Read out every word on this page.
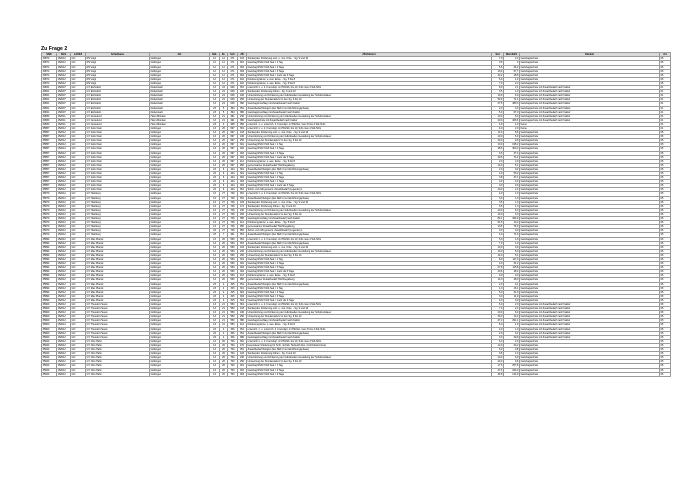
Zu Frage 2
SNR	SGS	LAKKZ	Schulname	Ort	SGL	KL	Sch	ZB	ZB-Klartext	Std	WertJH21	Klartext	Art
30872	152012	GÖ	RS Voigt	Göttingen	12	12	271	103	Sonderpäd. Förderung einz. u. zus. Krite. - Sg. 9 und 10	7,0	2,2	Ganztagsschule	05
30872	152012	GÖ	RS Voigt	Göttingen	12	12	271	301	Ganztag RS/GY/GS Sek. I 1 Tag	0,5	0	Ganztagsschule	05
30872	152012	GÖ	RS Voigt	Göttingen	12	12	271	302	Ganztag RS/GY/GS Sek. I 2 Tage	5,6	36,2	Ganztagsschule	05
30872	152012	GÖ	RS Voigt	Göttingen	12	12	271	303	Ganztag RS/GY/GS Sek. I 3 Tage	13,4	57,7	Ganztagsschule	05
30872	152012	GÖ	RS Voigt	Göttingen	12	12	271	304	Ganztag RS/GY/GS Sek. I mehr als 3 Tage	44,2	18,5	Ganztagsschule	05
30872	152012	GÖ	RS Voigt	Göttingen	12	12	271	410	Förderung Einwr. u. Aus. Erste. - Sg. 5 bis 8	5,0	1,2	Ganztagsschule	05
30872	152012	GÖ	RS Voigt	Göttingen	12	12	271	410	Förderung Einwr. u. aus. Erste. - Sg. 5 bis 8	7,0	2,2	Ganztagsschule	05
30821	152007	GÖ	GY Eichsfeld	Duderstadt	13	24	649	351	unterricht 1. u. 2. Fremdspr. im Pflichtb. bis 10, SJG max 4 Std./SJG	8,0	2,1	Ganztagsschule mit Zusatzbedarf nach Faktor	01
30821	152007	GÖ	GY Eichsfeld	Duderstadt	13	24	649	105	Sonderpäd. Förderung höhen - Sg. 9 und 10	3,5	1,3	Ganztagsschule mit Zusatzbedarf nach Faktor	01
30821	152007	GÖ	GY Eichsfeld	Duderstadt	13	24	649	240	Unterstützung und Förderung der individuellen Gestaltung der Schulzeitdauer	10,0	6,0	Ganztagsschule mit Zusatzbedarf nach Faktor	01
30821	152007	GÖ	GY Eichsfeld	Duderstadt	13	24	649	250	Umsetzung der Stundentafel 2 in den Sg. 6 bis 10	50,0	71,1	Ganztagsschule mit Zusatzbedarf nach Faktor	01
30821	152007	GÖ	GY Eichsfeld	Duderstadt	13	24	649	390	Ganztagszuschlag mit Zusatzbedarf nach Faktor	27,5	480,3	Ganztagsschule mit Zusatzbedarf nach Faktor	01
30821	152007	GÖ	GY Eichsfeld	Duderstadt	23	5	394	351	Zusatzbedarf Religion (bei SEK II nur Einführungsphase)	2,0	0,3	Ganztagsschule mit Zusatzbedarf nach Faktor	01
30821	152007	GÖ	GY Eichsfeld	Duderstadt	23	5	394	380	Ganztagszuschlag mit Zusatzbedarf nach Faktor	5,0	67,0	Ganztagsschule mit Zusatzbedarf nach Faktor	01
30833	152011	GÖ	GY Grotefend	Hann.Münden	13	21	491	240	Unterstützung und Förderung der individuellen Gestaltung der Schulzeitdauer	10,0	6,0	Ganztagsschule mit Zusatzbedarf nach Faktor	01
30833	152011	GÖ	GY Grotefend	Hann.Münden	13	21	491	380	Ganztagsschule mit Zusatzbedarf nach Faktor	20,0	406,6	Ganztagsschule mit Zusatzbedarf nach Faktor	01
30833	152011	GÖ	GY Grotefend	Hann.Münden	23	3	408	350	unterrich. 1. u. unterrich. 2. Fremdspr. in Pflichtw. max 3 bzw 4 Std./SJG	4,0	1,0	Keine	01
35857	152012	GÖ	GY Felix Klein	Göttingen	13	26	697	351	unterricht 1. u. 2. Fremdspr. im Pflichtb. bis 10, SJG max 4 Std./SJG	4,0	2,0	Keine	01
35857	152012	GÖ	GY Felix Klein	Göttingen	13	26	697	103	Sonderpäd. Förderung einz. u. zus. Krite. - Sg. 9 und 10	14,0	8,6	Ganztagsschule	05
35857	152012	GÖ	GY Felix Klein	Göttingen	13	26	697	240	Unterstützung und Förderung der individuellen Gestaltung der Schulzeitdauer	10,0	6,0	Ganztagsschule	05
35857	152012	GÖ	GY Felix Klein	Göttingen	13	26	697	250	Umsetzung der Stundentafel 2 in den Sg. 6 bis 10	20,0	9,6	Ganztagsschule	05
35857	152012	GÖ	GY Felix Klein	Göttingen	13	26	697	301	Ganztag RS/GY/GS Sek. I 1 Tag	13,0	195,2	Ganztagsschule	05
35857	152012	GÖ	GY Felix Klein	Göttingen	13	26	697	302	Ganztag RS/GY/GS Sek. I 2 Tage	48,6	300,2	Ganztagsschule	05
35857	152012	GÖ	GY Felix Klein	Göttingen	13	26	697	303	Ganztag RS/GY/GS Sek. I 3 Tage	3,6	37,4	Ganztagsschule	05
35857	152012	GÖ	GY Felix Klein	Göttingen	13	26	697	304	Ganztag RS/GY/GS Sek. I mehr als 3 Tage	20,6	74,2	Ganztagsschule	05
35857	152012	GÖ	GY Felix Klein	Göttingen	13	26	697	412	Förderung Einwr. u. aus. Erste. - Sg. 5 bis 8	2,0	2,0	Ganztagsschule	05
35857	152012	GÖ	GY Felix Klein	Göttingen	13	26	697	950	gemeinsamer Zusatzbedarf Hochbegabung	14,0	5,1	Ganztagsschule	05
35857	152012	GÖ	GY Felix Klein	Göttingen	23	6	424	351	Zusatzbedarf Religion (bei SEK II nur Einführungsphase)	2,0	0,2	Ganztagsschule	05
35857	152012	GÖ	GY Felix Klein	Göttingen	23	6	424	301	Ganztag RS/GY/GS Sek. I 1 Tag	4,0	50,2	Ganztagsschule	05
35857	152012	GÖ	GY Felix Klein	Göttingen	23	6	424	302	Ganztag RS/GY/GS Sek. I 2 Tage	3,8	37,1	Ganztagsschule	05
35857	152012	GÖ	GY Felix Klein	Göttingen	23	6	424	303	Ganztag RS/GY/GS Sek. I 1 Tage	0,0	0,0	Ganztagsschule	05
35857	152012	GÖ	GY Felix Klein	Göttingen	23	6	424	304	Ganztag RS/GY/GS Sek. I mehr als 3 Tage	0,0	0,0	Ganztagsschule	05
35857	152012	GÖ	GY Felix Klein	Göttingen	23	6	424	351	Schul- vom Mit gemeint. Zusatzbedarf (Legende) 1	20,0	2,2	Ganztagsschule	05
35870	152012	GÖ	GY Hainberg	Göttingen	13	27	749	351	unterricht 1. u. 2. Fremdspr. im Pflichtb. bis 10, SJG max 4 Std./SJG	4,0	1,0	Ganztagsschule	05
35870	152012	GÖ	GY Hainberg	Göttingen	13	27	749	351	Zusatzbedarf Religion (bei SEK II nur Einführungsphase)	3,0	1,0	Ganztagsschule	05
35870	152012	GÖ	GY Hainberg	Göttingen	13	27	749	103	Sonderpäd. Förderung einz. u. zus. Krite. - Sg. 9 und 10	3,5	1,3	Ganztagsschule	05
35870	152012	GÖ	GY Hainberg	Göttingen	13	27	749	172	Sonderpäd. Förderung höhen - Sg. 9 und 10	3,5	1,3	Ganztagsschule	05
35870	152012	GÖ	GY Hainberg	Göttingen	13	27	749	240	Unterstützung und Förderung der individuellen Gestaltung der Schulzeitdauer	10,0	6,0	Ganztagsschule	05
35870	152012	GÖ	GY Hainberg	Göttingen	13	27	749	250	Umsetzung der Stundentafel 2 in den Sg. 6 bis 10	10,0	3,3	Ganztagsschule	05
35870	152012	GÖ	GY Hainberg	Göttingen	13	27	749	380	Ganztagszuschlag mit Zusatzbedarf nach Faktor	84,1	466,9	Ganztagsschule	05
35870	152012	GÖ	GY Hainberg	Göttingen	13	27	749	412	Förderung Einwr. u. aus. Erste. - Sg. 5 bis 8	51,5	10,2	Ganztagsschule	05
35870	152012	GÖ	GY Hainberg	Göttingen	13	27	749	950	gemeinsamer Zusatzbedarf Hochbegabung	13,5	76,3	Ganztagsschule	05
35870	152012	GÖ	GY Hainberg	Göttingen	23	27	749	950	Schul- vom Mit gemeint. Zusatzbedarf (Legende) 1	0,0	0,0	Ganztagsschule	05
35870	152012	GÖ	GY Hainberg	Göttingen	23	7	401	351	Zusatzbedarf Religion (bei SEK II nur Einführungsphase)	4,0	71,3	Ganztagsschule	05
35894	152012	GÖ	GY Max Planck	Göttingen	13	20	530	351	unterricht 1. u. 2. Fremdspr. im Pflichtb. bis 10, SJG max 4 Std./SJG	5,0	1,0	Ganztagsschule	05
35894	152012	GÖ	GY Max Planck	Göttingen	13	20	530	351	Zusatzbedarf Religion (bei SEK II nur Einführungsphase)	7,0	1,0	Ganztagsschule	05
35894	152012	GÖ	GY Max Planck	Göttingen	13	20	530	103	Sonderpäd. Förderung einz. u. zus. Krite. - Sg. 9 und 10	10,0	3,0	Ganztagsschule	05
35894	152012	GÖ	GY Max Planck	Göttingen	13	20	530	240	Unterstützung und Förderung der individuellen Gestaltung der Schulzeitdauer	10,0	6,0	Ganztagsschule	05
35894	152012	GÖ	GY Max Planck	Göttingen	13	20	530	250	Umsetzung der Stundentafel 2 in den Sg. 6 bis 10	14,0	5,1	Ganztagsschule	05
35894	152012	GÖ	GY Max Planck	Göttingen	13	20	530	301	Ganztag RS/GY/GS Sek. I 1 Tag	8,0	117,3	Ganztagsschule	05
35894	152012	GÖ	GY Max Planck	Göttingen	13	20	530	302	Ganztag RS/GY/GS Sek. I 2 Tage	4,9	31,2	Ganztagsschule	05
35894	152012	GÖ	GY Max Planck	Göttingen	13	20	530	303	Ganztag RS/GY/GS Sek. I 3 Tage	27,8	115,8	Ganztagsschule	05
35894	152012	GÖ	GY Max Planck	Göttingen	13	20	530	304	Ganztag RS/GY/GS Sek. I mehr als 3 Tage	20,6	48,2	Ganztagsschule	05
35894	152012	GÖ	GY Max Planck	Göttingen	13	20	530	412	Förderung Einwr. u. aus. Erste. - Sg. 5 bis 8	0,0	0,0	Ganztagsschule	05
35894	152012	GÖ	GY Max Planck	Göttingen	13	20	530	950	gemeinsamer Zusatzbedarf Hochbegabung	14,0	48,0	Ganztagsschule	05
35894	152012	GÖ	GY Max Planck	Göttingen	23	4	315	351	Zusatzbedarf Religion (bei SEK II nur Einführungsphase)	2,0	0,1	Ganztagsschule	05
35894	152012	GÖ	GY Max Planck	Göttingen	23	4	315	301	Ganztag RS/GY/GS Sek. I 1 Tag	1,0	16,1	Ganztagsschule	05
35894	152012	GÖ	GY Max Planck	Göttingen	23	4	315	302	Ganztag RS/GY/GS Sek. I 2 Tage	5,0	31,3	Ganztagsschule	05
35894	152012	GÖ	GY Max Planck	Göttingen	23	4	315	303	Ganztag RS/GY/GS Sek. I 3 Tage	3,0	11,9	Ganztagsschule	05
35894	152012	GÖ	GY Max Planck	Göttingen	23	4	315	304	Ganztag RS/GY/GS Sek. I mehr als 3 Tage	0,0	0,0	Ganztagsschule	05
35900	152012	GÖ	GY Theodor-Heuss	Göttingen	13	21	550	351	unterricht 1. u. 2. Fremdspr. im Pflichtb. bis 10, SJG max 4 Std./SJG	6,0	2,0	Ganztagsschule mit Zusatzbedarf nach Faktor	05
35900	152012	GÖ	GY Theodor-Heuss	Göttingen	13	21	550	103	Sonderpäd. Förderung einz. u. zus. Krite. - Sg. 9 und 10	7,0	2,2	Ganztagsschule mit Zusatzbedarf nach Faktor	05
35900	152012	GÖ	GY Theodor-Heuss	Göttingen	13	21	550	240	Unterstützung und Förderung der individuellen Gestaltung der Schulzeitdauer	10,0	6,0	Ganztagsschule mit Zusatzbedarf nach Faktor	05
35900	152012	GÖ	GY Theodor-Heuss	Göttingen	13	21	550	250	Umsetzung der Stundentafel 2 in den Sg. 6 bis 10	30,0	14,4	Ganztagsschule mit Zusatzbedarf nach Faktor	05
35900	152012	GÖ	GY Theodor-Heuss	Göttingen	13	21	550	380	Ganztagszuschlag mit Zusatzbedarf nach Faktor	47,2	291,1	Ganztagsschule mit Zusatzbedarf nach Faktor	05
35900	152012	GÖ	GY Theodor-Heuss	Göttingen	13	21	550	412	Förderung Einwr. u. aus. Erste. - Sg. 5 bis 8	6,0	1,9	Ganztagsschule mit Zusatzbedarf nach Faktor	05
35900	152012	GÖ	GY Theodor-Heuss	Göttingen	23	4	346	351	unterrich. 1. u. unterrich. 2. Fremdspr. in Pflichtw. max 3 bzw 4 Std./SJG	4,0	1,0	Ganztagsschule mit Zusatzbedarf nach Faktor	05
35900	152012	GÖ	GY Theodor-Heuss	Göttingen	23	4	346	351	Zusatzbedarf Religion (bei SEK II nur Einführungsphase)	2,0	0,2	Ganztagsschule mit Zusatzbedarf nach Faktor	05
35900	152012	GÖ	GY Theodor-Heuss	Göttingen	23	4	346	380	Ganztagszuschlag mit Zusatzbedarf nach Faktor	3,3	29,9	Ganztagsschule mit Zusatzbedarf nach Faktor	05
35924	152012	GÖ	GY Otto Hahn	Göttingen	13	26	700	351	unterricht 1. u. 2. Fremdspr. im Pflichtb. bis 10, SJG max 4 Std./SJG	6,0	2,0	Ganztagsschule	05
35924	152012	GÖ	GY Otto Hahn	Göttingen	13	26	700	170	besonderer Förderung für Schr. nichtdt. Herkunft bzw. mit Förderkonzept	12,0	24,2	Ganztagsschule	05
35924	152012	GÖ	GY Otto Hahn	Göttingen	13	26	700	351	Zusatzbedarf Religion (bei SEK II nur Einführungsphase)	6,0	0,8	Ganztagsschule	05
35924	152012	GÖ	GY Otto Hahn	Göttingen	13	26	700	103	Sonderpäd. Förderung höhen - Sg. 9 und 10	3,5	1,3	Ganztagsschule	05
35924	152012	GÖ	GY Otto Hahn	Göttingen	13	26	700	240	Unterstützung und Förderung der individuellen Gestaltung der Schulzeitdauer	10,0	6,0	Ganztagsschule	05
35924	152012	GÖ	GY Otto Hahn	Göttingen	13	26	700	250	Umsetzung der Stundentafel 2 in den Sg. 6 bis 10	20,0	9,6	Ganztagsschule	05
35924	152012	GÖ	GY Otto Hahn	Göttingen	13	26	700	301	Ganztag RS/GY/GS Sek. I 1 Tag	17,5	257,8	Ganztagsschule	05
35924	152012	GÖ	GY Otto Hahn	Göttingen	13	26	700	302	Ganztag RS/GY/GS Sek. I 2 Tage	47,6	294,0	Ganztagsschule	05
35924	152012	GÖ	GY Otto Hahn	Göttingen	13	26	700	303	Ganztag RS/GY/GS Sek. I 3 Tage	34,8	144,9	Ganztagsschule	05
